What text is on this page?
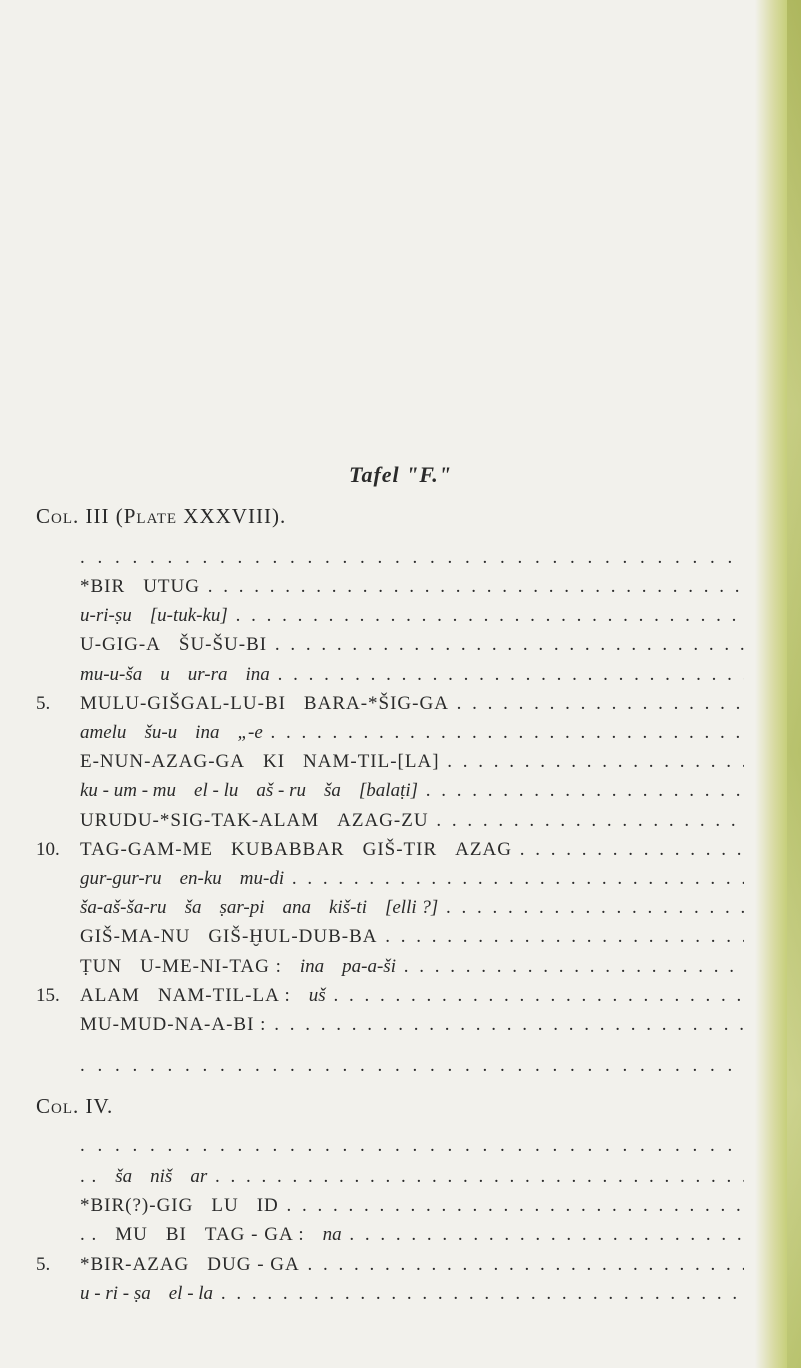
Tafel "F."
Col. III (Plate XXXVIII).
. . . . . . . . . . . . . . . . . . . . . . . . . . . . . . . . . . . . . .
*BIR UTUG . . .
u-ri-ṣu [u-tuk-ku] . . .
U-GIG-A ŠU-ŠU-BI . . .
mu-u-ša u ur-ra ina . . .
5.	MULU-GIŠGAL-LU-BI BARA-*ŠIG-GA . . .
amelu šu-u ina „-e . . .
E-NUN-AZAG-GA KI NAM-TIL-[LA] . . .
ku - um - mu el - lu aš - ru ša [balaṭi] . . .
URUDU-*SIG-TAK-ALAM AZAG-ZU . . .
10.	TAG-GAM-ME KUBABBAR GIŠ-TIR AZAG . . .
gur-gur-ru en-ku mu-di . . .
ša-aš-ša-ru ša ṣar-pi ana kiš-ti [elli ?] . . .
GIŠ-MA-NU GIŠ-ḪUL-DUB-BA . . .
ṬUN U-ME-NI-TAG : ina pa-a-ši . . .
15.	ALAM NAM-TIL-LA : uš . . .
MU-MUD-NA-A-BI : . . .
. . . . . . . . . . . . . . . . . . . . . . . . . . . . . . . . . . . . . .
Col. IV.
. . . . . . . . . . . . . . . . . . . . . . . . . . . . . . . . . . . . . .
. . ša niš ar . . .
*BIR(?)-GIG LU ID . . .
. . MU BI TAG - GA : na . . .
5.	*BIR-AZAG DUG - GA . . .
u - ri - ṣa el - la . . .
